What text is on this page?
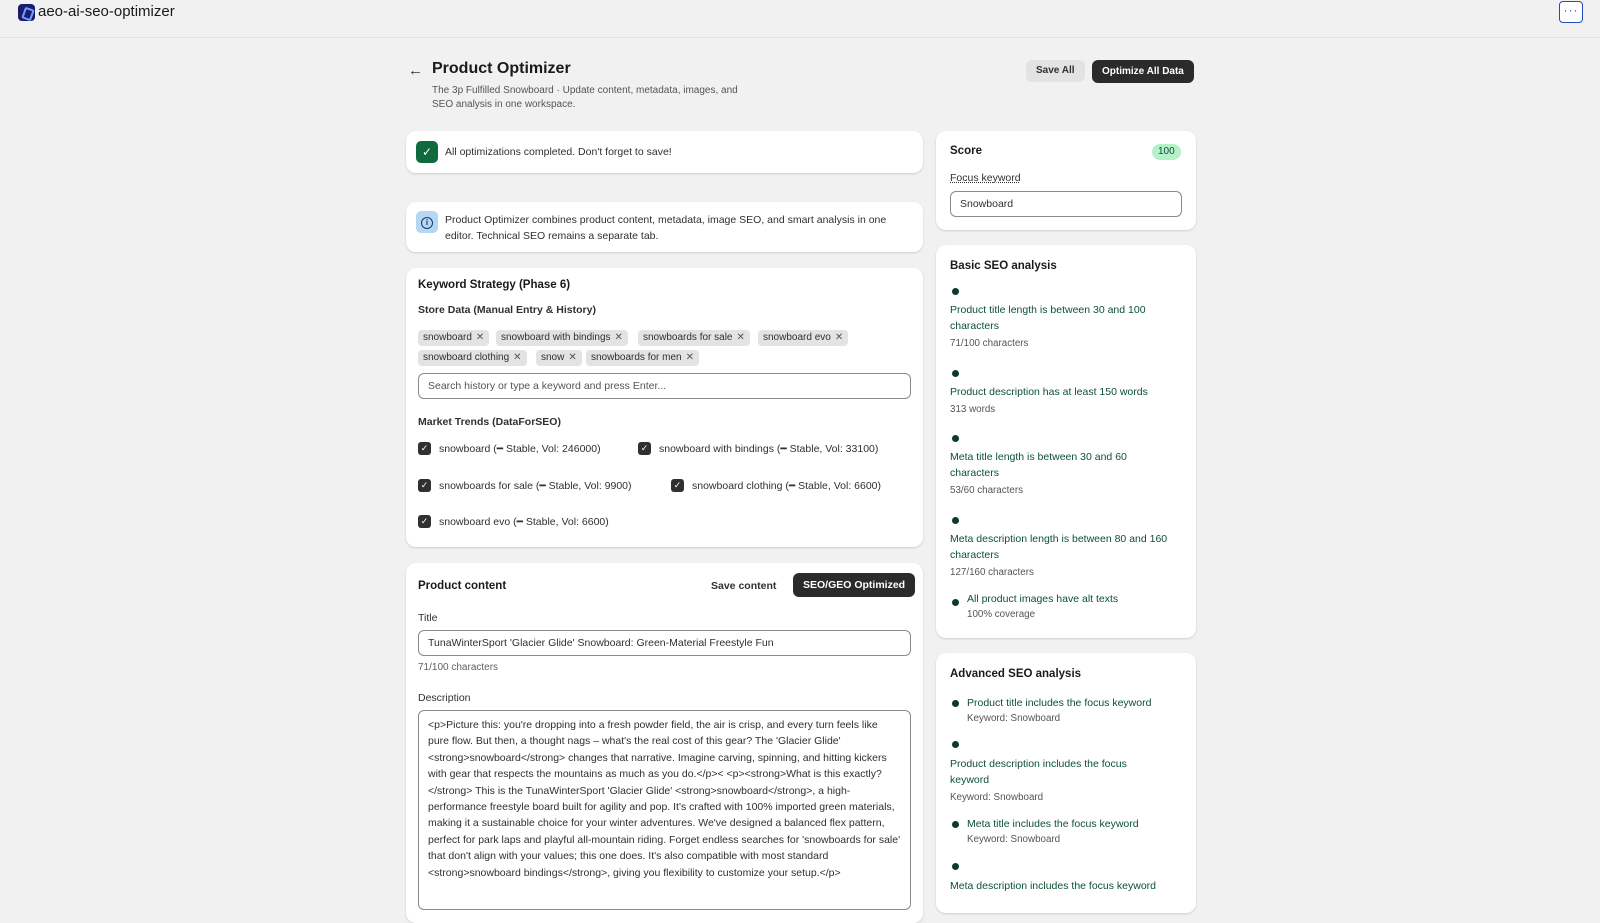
aeo-ai-seo-optimizer	···
← Product Optimizer
The 3p Fulfilled Snowboard · Update content, metadata, images, and SEO analysis in one workspace.
Save All	Optimize All Data
✓	All optimizations completed. Don't forget to save!
i	Product Optimizer combines product content, metadata, image SEO, and smart analysis in one editor. Technical SEO remains a separate tab.
Keyword Strategy (Phase 6)
Store Data (Manual Entry & History)
snowboard ✕	snowboard with bindings ✕	snowboards for sale ✕	snowboard evo ✕
snowboard clothing ✕	snow ✕	snowboards for men ✕
Search history or type a keyword and press Enter...
Market Trends (DataForSEO)
✓ snowboard (━ Stable, Vol: 246000)	✓ snowboard with bindings (━ Stable, Vol: 33100)
✓ snowboards for sale (━ Stable, Vol: 9900)	✓ snowboard clothing (━ Stable, Vol: 6600)
✓ snowboard evo (━ Stable, Vol: 6600)
Product content	Save content	SEO/GEO Optimized
Title
TunaWinterSport 'Glacier Glide' Snowboard: Green-Material Freestyle Fun
71/100 characters
Description
<p>Picture this: you're dropping into a fresh powder field, the air is crisp, and every turn feels like pure flow. But then, a thought nags – what's the real cost of this gear? The 'Glacier Glide' <strong>snowboard</strong> changes that narrative. Imagine carving, spinning, and hitting kickers with gear that respects the mountains as much as you do.</p>< <p><strong>What is this exactly?</strong> This is the TunaWinterSport 'Glacier Glide' <strong>snowboard</strong>, a high-performance freestyle board built for agility and pop. It's crafted with 100% imported green materials, making it a sustainable choice for your winter adventures. We've designed a balanced flex pattern, perfect for park laps and playful all-mountain riding. Forget endless searches for 'snowboards for sale' that don't align with your values; this one does. It's also compatible with most standard <strong>snowboard bindings</strong>, giving you flexibility to customize your setup.</p>
Score	100
Focus keyword
Snowboard
Basic SEO analysis
Product title length is between 30 and 100 characters
71/100 characters
Product description has at least 150 words
313 words
Meta title length is between 30 and 60 characters
53/60 characters
Meta description length is between 80 and 160 characters
127/160 characters
All product images have alt texts
100% coverage
Advanced SEO analysis
Product title includes the focus keyword
Keyword: Snowboard
Product description includes the focus keyword
Keyword: Snowboard
Meta title includes the focus keyword
Keyword: Snowboard
Meta description includes the focus keyword
